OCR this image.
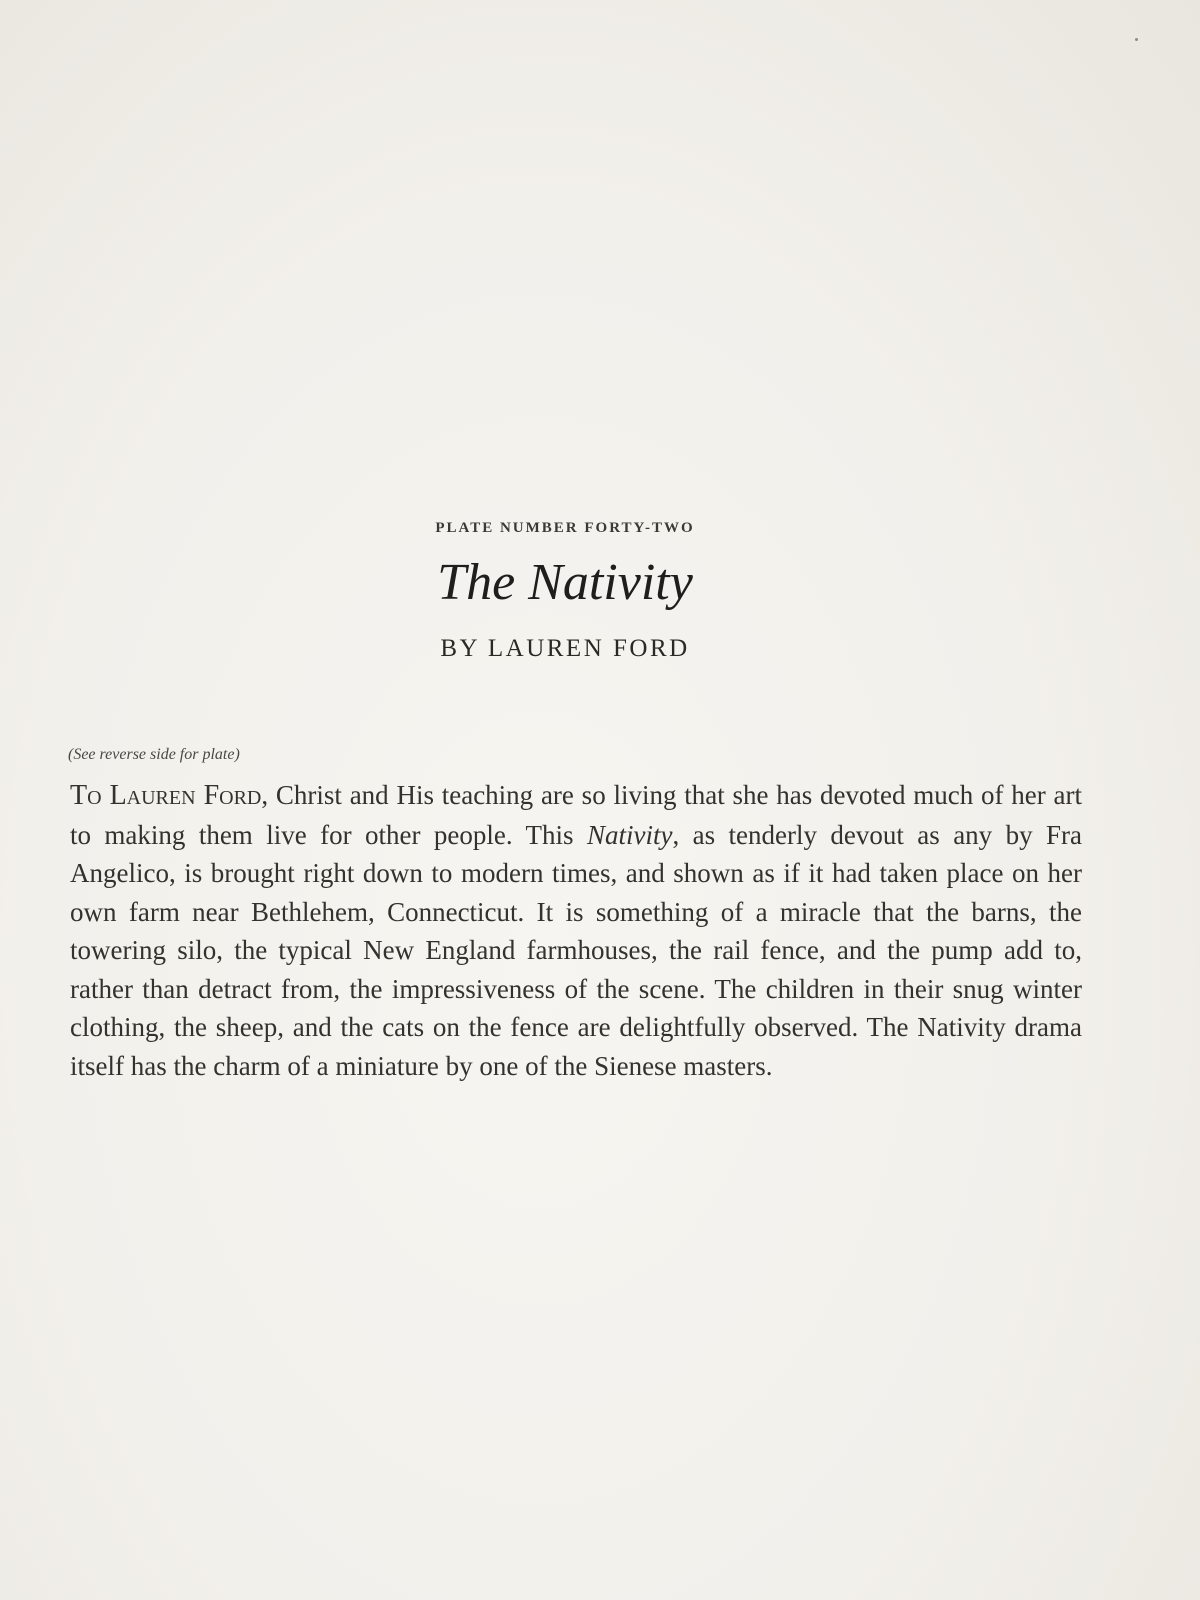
PLATE NUMBER FORTY-TWO

The Nativity

BY LAUREN FORD

(See reverse side for plate)

To Lauren Ford, Christ and His teaching are so living that she has devoted much of her art to making them live for other people. This Nativity, as tenderly devout as any by Fra Angelico, is brought right down to modern times, and shown as if it had taken place on her own farm near Bethlehem, Connecticut. It is something of a miracle that the barns, the towering silo, the typical New England farmhouses, the rail fence, and the pump add to, rather than detract from, the impressiveness of the scene. The children in their snug winter clothing, the sheep, and the cats on the fence are delightfully observed. The Nativity drama itself has the charm of a miniature by one of the Sienese masters.
